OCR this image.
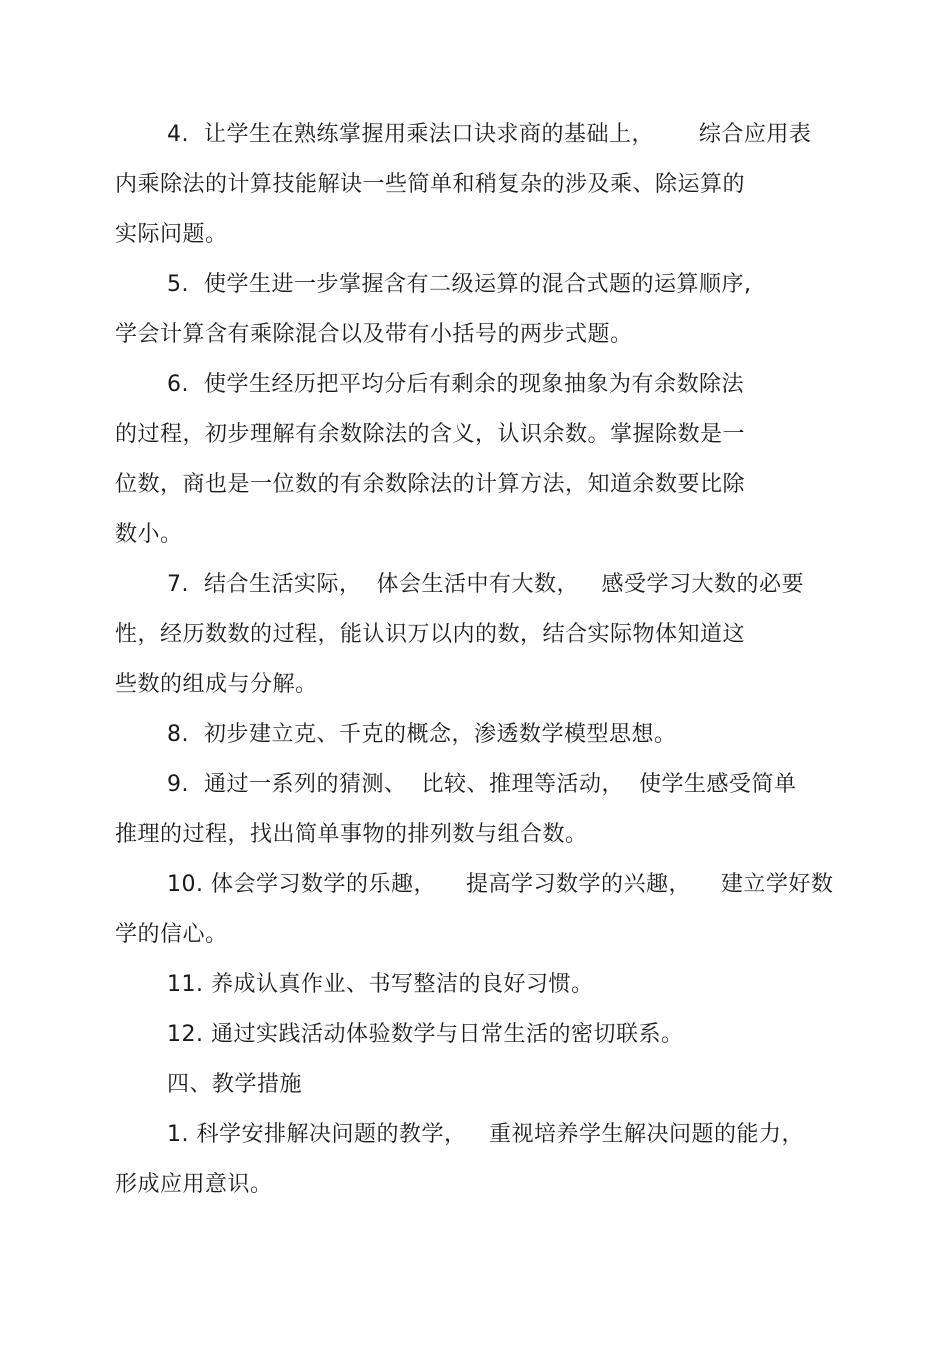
4.  让学生在熟练掌握用乘法口诀求商的基础上，      综合应用表
内乘除法的计算技能解诀一些简单和稍复杂的涉及乘、除运算的
实际问题。
5.  使学生进一步掌握含有二级运算的混合式题的运算顺序,
学会计算含有乘除混合以及带有小括号的两步式题。
6.  使学生经历把平均分后有剩余的现象抽象为有余数除法
的过程，初步理解有余数除法的含义，认识余数。掌握除数是一
位数，商也是一位数的有余数除法的计算方法，知道余数要比除
数小。
7.  结合生活实际，  体会生活中有大数，   感受学习大数的必要
性，经历数数的过程，能认识万以内的数，结合实际物体知道这
些数的组成与分解。
8.  初步建立克、千克的概念，渗透数学模型思想。
9.  通过一系列的猜测、  比较、推理等活动，  使学生感受简单
推理的过程，找出简单事物的排列数与组合数。
10. 体会学习数学的乐趣，    提高学习数学的兴趣，    建立学好数
学的信心。
11. 养成认真作业、书写整洁的良好习惯。
12. 通过实践活动体验数学与日常生活的密切联系。
四、教学措施
1. 科学安排解决问题的教学，   重视培养学生解决问题的能力，
形成应用意识。
